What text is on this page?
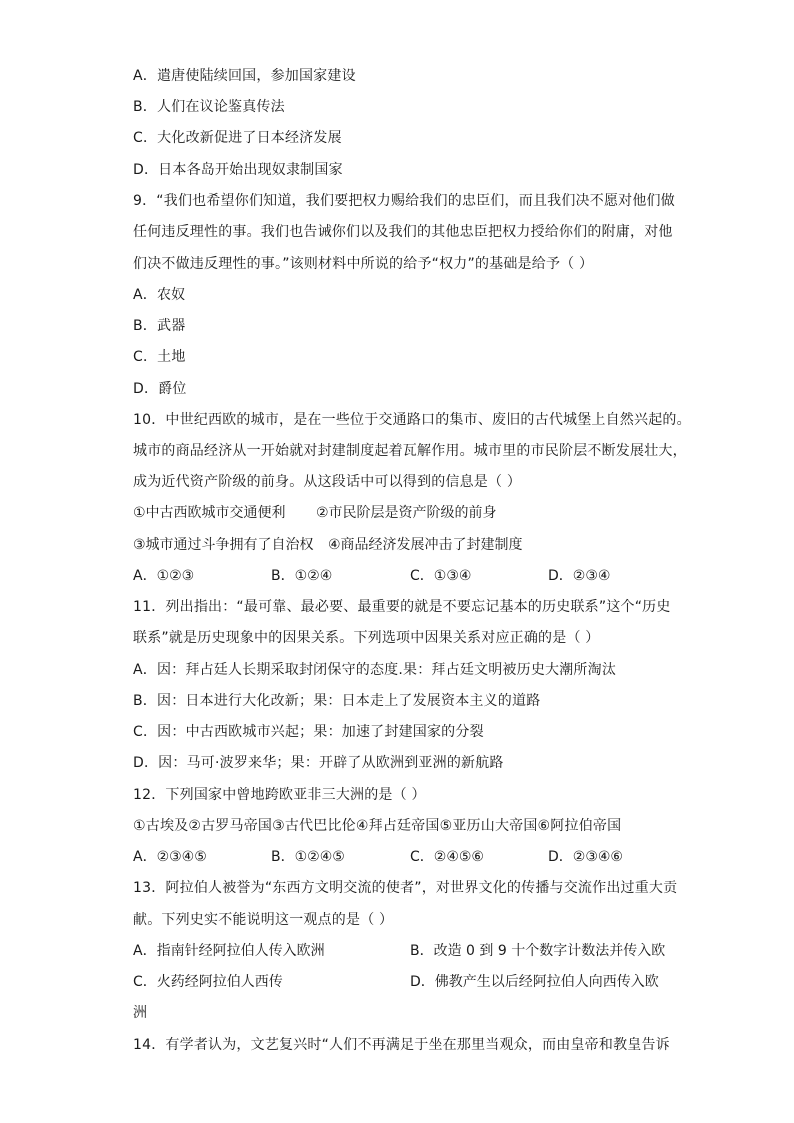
A．遣唐使陆续回国，参加国家建设
B．人们在议论鉴真传法
C．大化改新促进了日本经济发展
D．日本各岛开始出现奴隶制国家
9．“我们也希望你们知道，我们要把权力赐给我们的忠臣们，而且我们决不愿对他们做
任何违反理性的事。我们也告诫你们以及我们的其他忠臣把权力授给你们的附庸，对他
们决不做违反理性的事。”该则材料中所说的给予“权力”的基础是给予（ ）
A．农奴
B．武器
C．土地
D．爵位
10．中世纪西欧的城市，是在一些位于交通路口的集市、废旧的古代城堡上自然兴起的。
城市的商品经济从一开始就对封建制度起着瓦解作用。城市里的市民阶层不断发展壮大，
成为近代资产阶级的前身。从这段话中可以得到的信息是（ ）
①中古西欧城市交通便利 ②市民阶层是资产阶级的前身
③城市通过斗争拥有了自治权 ④商品经济发展冲击了封建制度
A．①②③	B．①②④	C．①③④	D．②③④
11．列出指出：“最可靠、最必要、最重要的就是不要忘记基本的历史联系”这个“历史
联系”就是历史现象中的因果关系。下列选项中因果关系对应正确的是（ ）
A．因：拜占廷人长期采取封闭保守的态度.果：拜占廷文明被历史大潮所淘汰
B．因：日本进行大化改新；果：日本走上了发展资本主义的道路
C．因：中古西欧城市兴起；果：加速了封建国家的分裂
D．因：马可·波罗来华；果：开辟了从欧洲到亚洲的新航路
12．下列国家中曾地跨欧亚非三大洲的是（ ）
①古埃及②古罗马帝国③古代巴比伦④拜占廷帝国⑤亚历山大帝国⑥阿拉伯帝国
A．②③④⑤	B．①②④⑤	C．②④⑤⑥	D．②③④⑥
13．阿拉伯人被誉为“东西方文明交流的使者”，对世界文化的传播与交流作出过重大贡
献。下列史实不能说明这一观点的是（ ）
A．指南针经阿拉伯人传入欧洲	B．改造 0 到 9 十个数字计数法并传入欧
C．火药经阿拉伯人西传	D．佛教产生以后经阿拉伯人向西传入欧
洲
14．有学者认为，文艺复兴时“人们不再满足于坐在那里当观众，而由皇帝和教皇告诉
